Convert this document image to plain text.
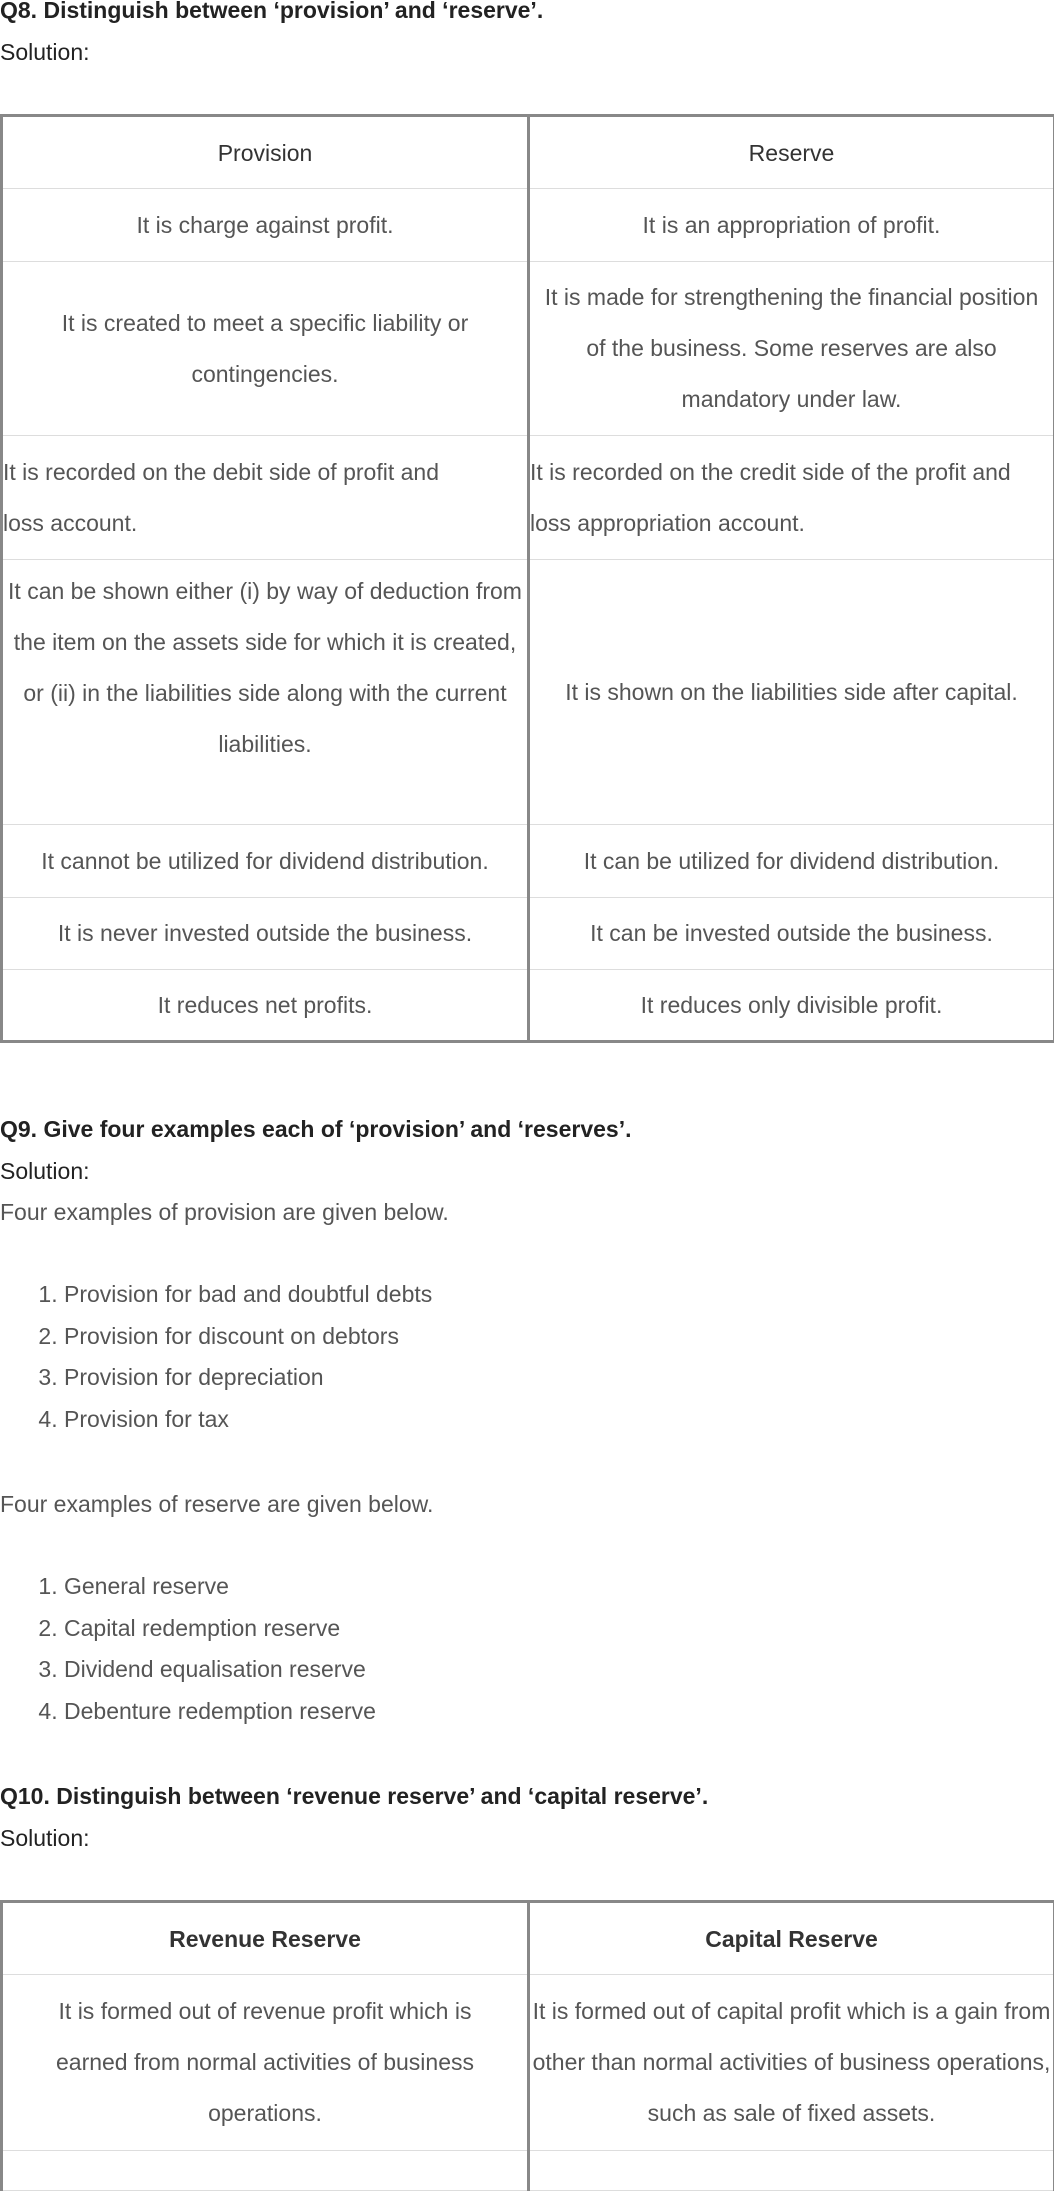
Q8. Distinguish between ‘provision’ and ‘reserve’.
Solution:
Provision	Reserve
It is charge against profit.	It is an appropriation of profit.
It is created to meet a specific liability or contingencies.	It is made for strengthening the financial position of the business. Some reserves are also mandatory under law.
It is recorded on the debit side of profit and loss account.	It is recorded on the credit side of the profit and loss appropriation account.
It can be shown either (i) by way of deduction from the item on the assets side for which it is created, or (ii) in the liabilities side along with the current liabilities.	It is shown on the liabilities side after capital.
It cannot be utilized for dividend distribution.	It can be utilized for dividend distribution.
It is never invested outside the business.	It can be invested outside the business.
It reduces net profits.	It reduces only divisible profit.
Q9. Give four examples each of ‘provision’ and ‘reserves’.
Solution:
Four examples of provision are given below.
1. Provision for bad and doubtful debts
2. Provision for discount on debtors
3. Provision for depreciation
4. Provision for tax
Four examples of reserve are given below.
1. General reserve
2. Capital redemption reserve
3. Dividend equalisation reserve
4. Debenture redemption reserve
Q10. Distinguish between ‘revenue reserve’ and ‘capital reserve’.
Solution:
Revenue Reserve	Capital Reserve
It is formed out of revenue profit which is earned from normal activities of business operations.	It is formed out of capital profit which is a gain from other than normal activities of business operations, such as sale of fixed assets.
